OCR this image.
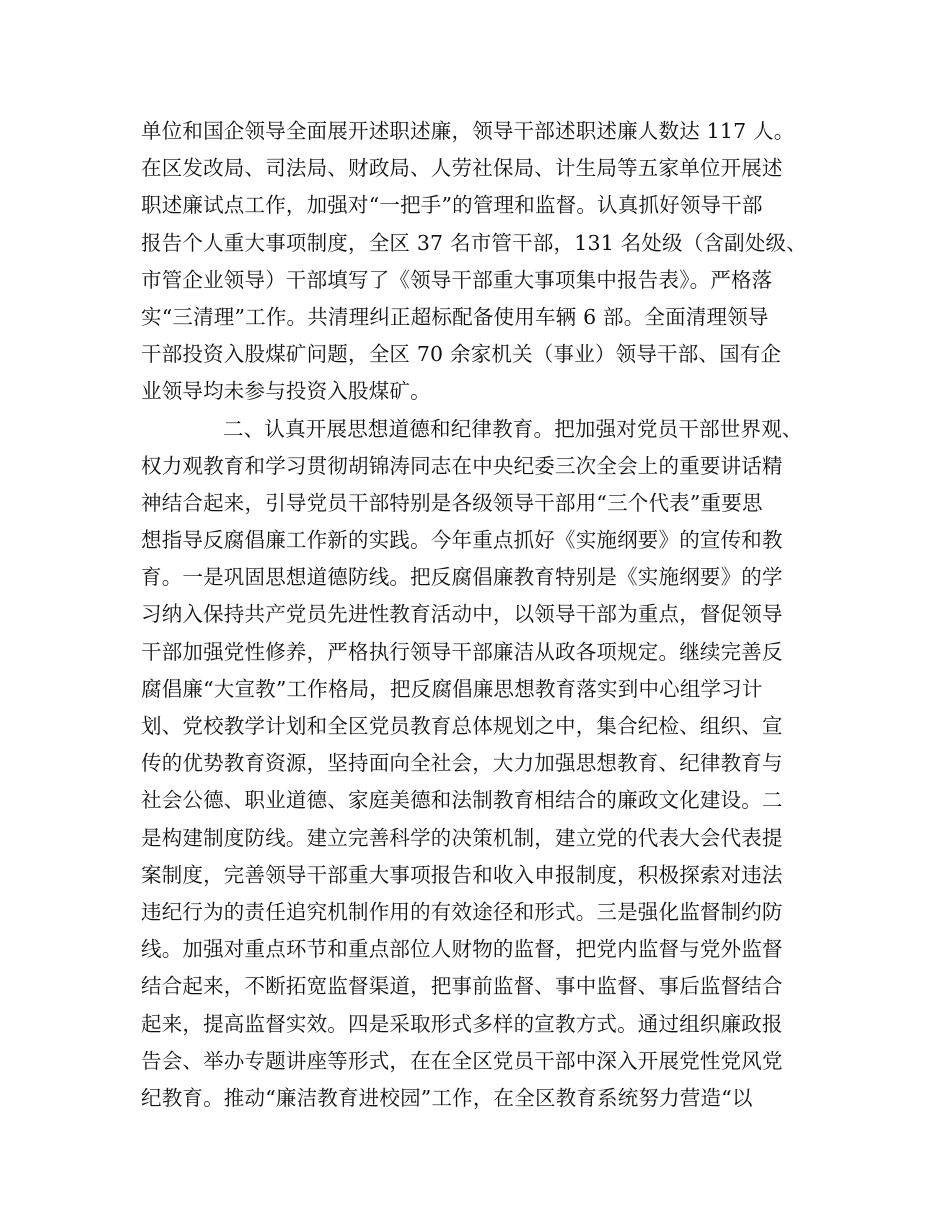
单位和国企领导全面展开述职述廉，领导干部述职述廉人数达 117 人。
在区发改局、司法局、财政局、人劳社保局、计生局等五家单位开展述
职述廉试点工作，加强对“一把手”的管理和监督。认真抓好领导干部
报告个人重大事项制度，全区 37 名市管干部，131 名处级（含副处级、
市管企业领导）干部填写了《领导干部重大事项集中报告表》。严格落
实“三清理”工作。共清理纠正超标配备使用车辆 6 部。全面清理领导
干部投资入股煤矿问题，全区 70 余家机关（事业）领导干部、国有企
业领导均未参与投资入股煤矿。
二、认真开展思想道德和纪律教育。把加强对党员干部世界观、
权力观教育和学习贯彻胡锦涛同志在中央纪委三次全会上的重要讲话精
神结合起来，引导党员干部特别是各级领导干部用“三个代表”重要思
想指导反腐倡廉工作新的实践。今年重点抓好《实施纲要》的宣传和教
育。一是巩固思想道德防线。把反腐倡廉教育特别是《实施纲要》的学
习纳入保持共产党员先进性教育活动中，以领导干部为重点，督促领导
干部加强党性修养，严格执行领导干部廉洁从政各项规定。继续完善反
腐倡廉“大宣教”工作格局，把反腐倡廉思想教育落实到中心组学习计
划、党校教学计划和全区党员教育总体规划之中，集合纪检、组织、宣
传的优势教育资源，坚持面向全社会，大力加强思想教育、纪律教育与
社会公德、职业道德、家庭美德和法制教育相结合的廉政文化建设。二
是构建制度防线。建立完善科学的决策机制，建立党的代表大会代表提
案制度，完善领导干部重大事项报告和收入申报制度，积极探索对违法
违纪行为的责任追究机制作用的有效途径和形式。三是强化监督制约防
线。加强对重点环节和重点部位人财物的监督，把党内监督与党外监督
结合起来，不断拓宽监督渠道，把事前监督、事中监督、事后监督结合
起来，提高监督实效。四是采取形式多样的宣教方式。通过组织廉政报
告会、举办专题讲座等形式，在在全区党员干部中深入开展党性党风党
纪教育。推动“廉洁教育进校园”工作，在全区教育系统努力营造“以
